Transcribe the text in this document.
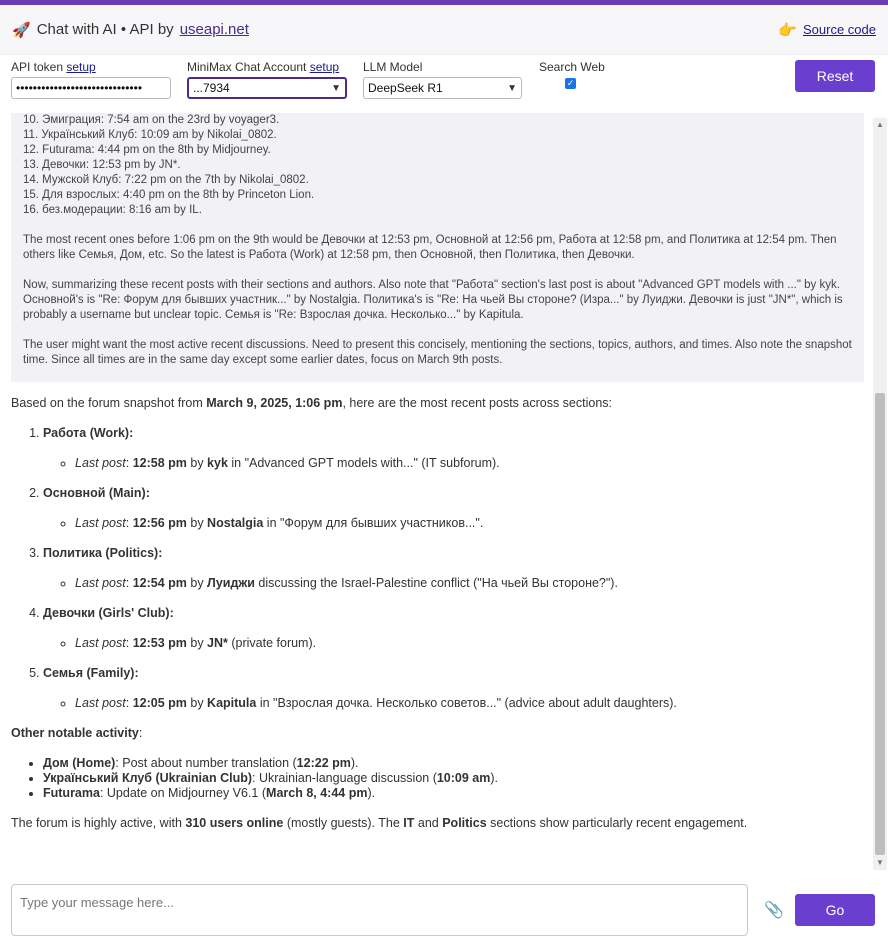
🚀 Chat with AI • API by useapi.net	👉 Source code
API token setup
••••••••••••••••••••••••••••••
MiniMax Chat Account setup
...7934	▼
LLM Model
DeepSeek R1	▼
Search Web
✓	Reset

10. Эмиграция: 7:54 am on the 23rd by voyager3.
11. Український Клуб: 10:09 am by Nikolai_0802.
12. Futurama: 4:44 pm on the 8th by Midjourney.
13. Девочки: 12:53 pm by JN*.
14. Мужской Клуб: 7:22 pm on the 7th by Nikolai_0802.
15. Для взрослых: 4:40 pm on the 8th by Princeton Lion.
16. без.модерации: 8:16 am by IL.

The most recent ones before 1:06 pm on the 9th would be Девочки at 12:53 pm, Основной at 12:56 pm, Работа at 12:58 pm, and Политика at 12:54 pm. Then others like Семья, Дом, etc. So the latest is Работа (Work) at 12:58 pm, then Основной, then Политика, then Девочки.

Now, summarizing these recent posts with their sections and authors. Also note that "Работа" section's last post is about "Advanced GPT models with ..." by kyk. Основной's is "Re: Форум для бывших участник..." by Nostalgia. Политика's is "Re: На чьей Вы стороне? (Изра..." by Луиджи. Девочки is just "JN*", which is probably a username but unclear topic. Семья is "Re: Взрослая дочка. Несколько..." by Kapitula.

The user might want the most active recent discussions. Need to present this concisely, mentioning the sections, topics, authors, and times. Also note the snapshot time. Since all times are in the same day except some earlier dates, focus on March 9th posts.

Based on the forum snapshot from March 9, 2025, 1:06 pm, here are the most recent posts across sections:

1. Работа (Work):
◦ Last post: 12:58 pm by kyk in "Advanced GPT models with..." (IT subforum).
2. Основной (Main):
◦ Last post: 12:56 pm by Nostalgia in "Форум для бывших участников...".
3. Политика (Politics):
◦ Last post: 12:54 pm by Луиджи discussing the Israel-Palestine conflict ("На чьей Вы стороне?").
4. Девочки (Girls' Club):
◦ Last post: 12:53 pm by JN* (private forum).
5. Семья (Family):
◦ Last post: 12:05 pm by Kapitula in "Взрослая дочка. Несколько советов..." (advice about adult daughters).

Other notable activity:

• Дом (Home): Post about number translation (12:22 pm).
• Український Клуб (Ukrainian Club): Ukrainian-language discussion (10:09 am).
• Futurama: Update on Midjourney V6.1 (March 8, 4:44 pm).

The forum is highly active, with 310 users online (mostly guests). The IT and Politics sections show particularly recent engagement.

▲
▼
Type your message here...	📎	Go
